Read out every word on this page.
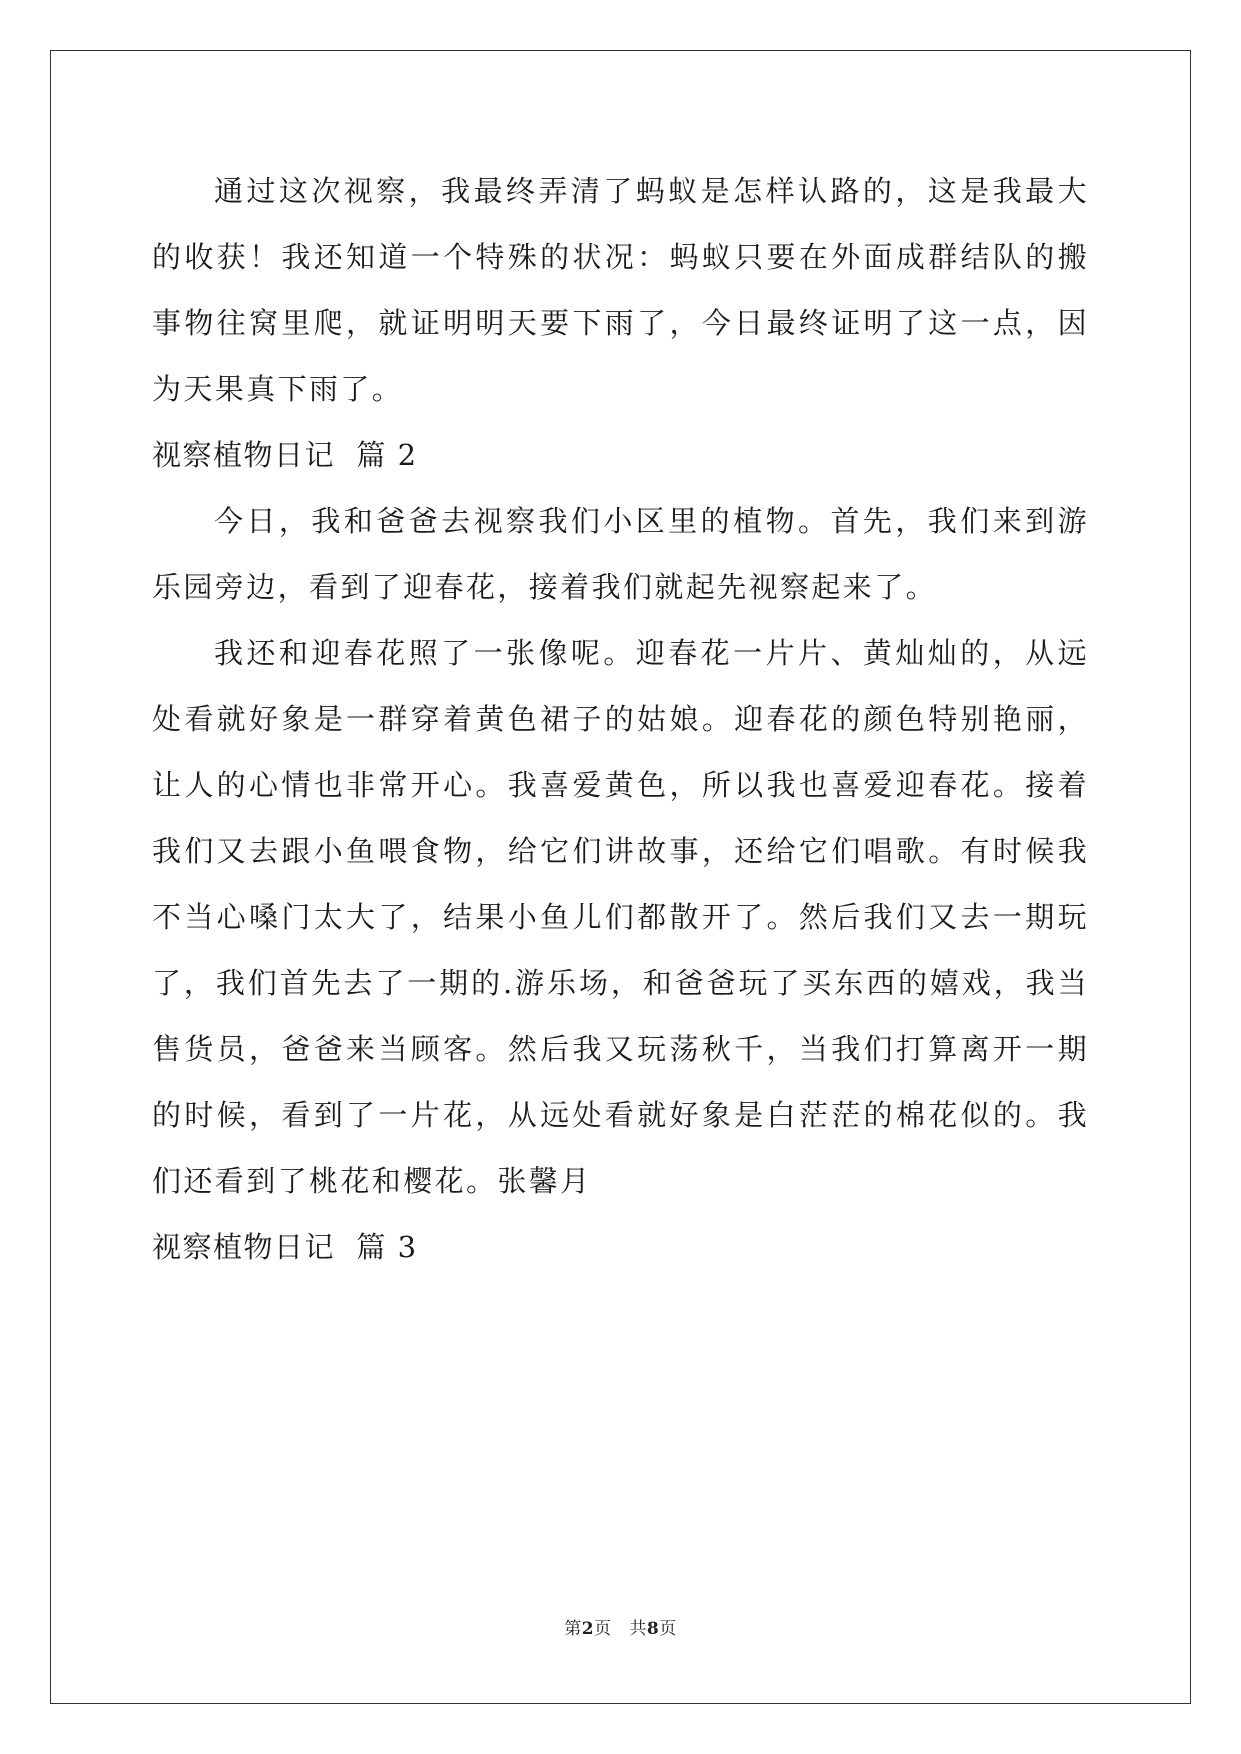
通过这次视察，我最终弄清了蚂蚁是怎样认路的，这是我最大的收获！我还知道一个特殊的状况：蚂蚁只要在外面成群结队的搬事物往窝里爬，就证明明天要下雨了，今日最终证明了这一点，因为天果真下雨了。

视察植物日记  篇 2

今日，我和爸爸去视察我们小区里的植物。首先，我们来到游乐园旁边，看到了迎春花，接着我们就起先视察起来了。

我还和迎春花照了一张像呢。迎春花一片片、黄灿灿的，从远处看就好象是一群穿着黄色裙子的姑娘。迎春花的颜色特别艳丽，让人的心情也非常开心。我喜爱黄色，所以我也喜爱迎春花。接着我们又去跟小鱼喂食物，给它们讲故事，还给它们唱歌。有时候我不当心嗓门太大了，结果小鱼儿们都散开了。然后我们又去一期玩了，我们首先去了一期的.游乐场，和爸爸玩了买东西的嬉戏，我当售货员，爸爸来当顾客。然后我又玩荡秋千，当我们打算离开一期的时候，看到了一片花，从远处看就好象是白茫茫的棉花似的。我们还看到了桃花和樱花。张馨月

视察植物日记  篇 3

第2页   共8页
